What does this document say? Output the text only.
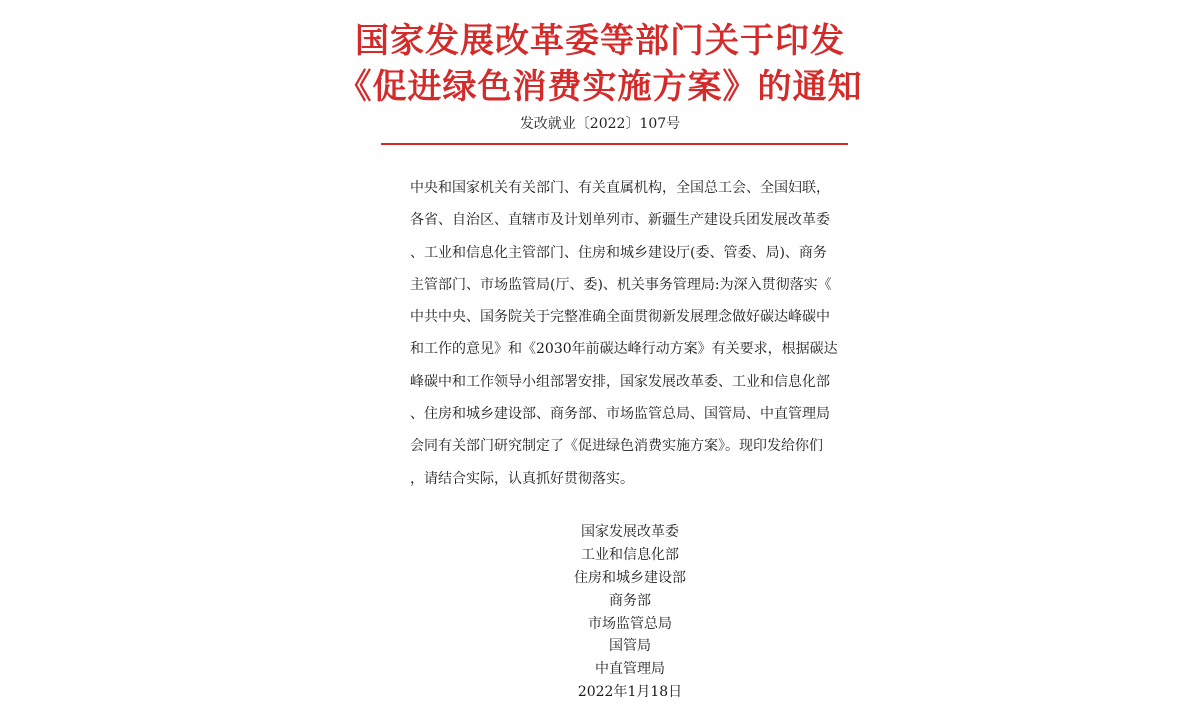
国家发展改革委等部门关于印发
《促进绿色消费实施方案》的通知
发改就业〔2022〕107号
中央和国家机关有关部门、有关直属机构，全国总工会、全国妇联，
各省、自治区、直辖市及计划单列市、新疆生产建设兵团发展改革委
、工业和信息化主管部门、住房和城乡建设厅(委、管委、局)、商务
主管部门、市场监管局(厅、委)、机关事务管理局:为深入贯彻落实《
中共中央、国务院关于完整准确全面贯彻新发展理念做好碳达峰碳中
和工作的意见》和《2030年前碳达峰行动方案》有关要求，根据碳达
峰碳中和工作领导小组部署安排，国家发展改革委、工业和信息化部
、住房和城乡建设部、商务部、市场监管总局、国管局、中直管理局
会同有关部门研究制定了《促进绿色消费实施方案》。现印发给你们
，请结合实际，认真抓好贯彻落实。
国家发展改革委
工业和信息化部
住房和城乡建设部
商务部
市场监管总局
国管局
中直管理局
2022年1月18日
